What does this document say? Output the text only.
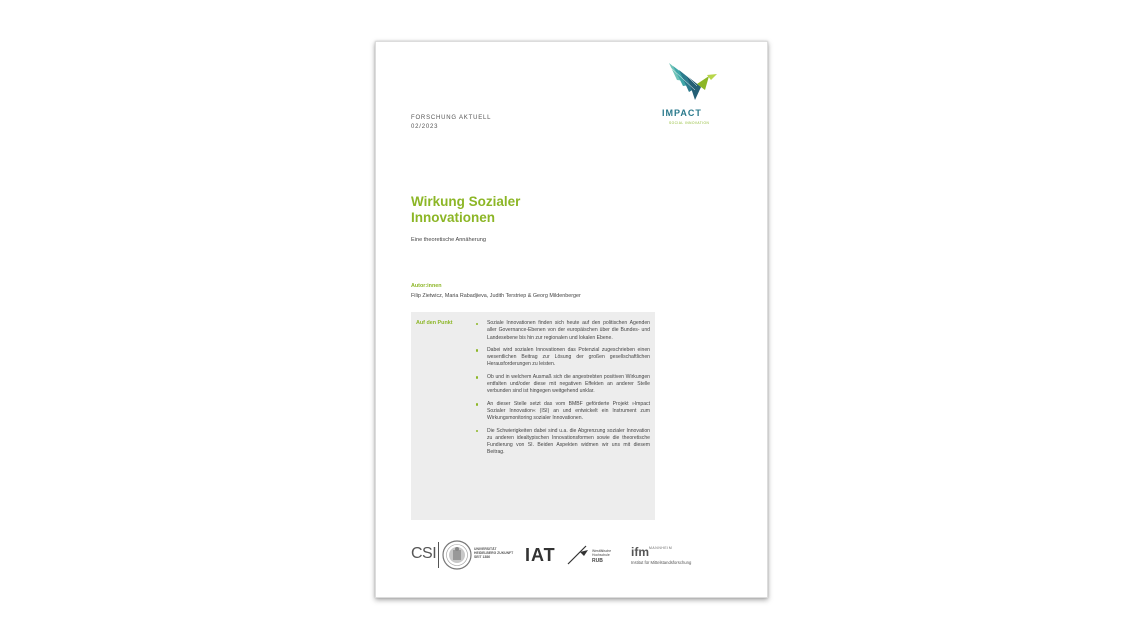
IMPACT
SOCIAL INNOVATION
FORSCHUNG AKTUELL
02/2023
Wirkung Sozialer
Innovationen
Eine theoretische Annäherung
Autor:innen
Filip Zietwicz, Maria Rabadjieva, Judith Terstriep & Georg Mildenberger
Auf den Punkt	Soziale Innovationen finden sich heute auf den politischen Agenden aller Governance-Ebenen von der europäischen über die Bundes- und Landesebene bis hin zur regionalen und lokalen Ebene.
Dabei wird sozialen Innovationen das Potenzial zugeschrieben einen wesentlichen Beitrag zur Lösung der großen gesellschaftlichen Herausforderungen zu leisten.
Ob und in welchem Ausmaß sich die angestrebten positiven Wirkungen entfalten und/oder diese mit negativen Effekten an anderer Stelle verbunden sind ist hingegen weitgehend unklar.
An dieser Stelle setzt das vom BMBF geförderte Projekt »Impact Sozialer Innovation« (ISI) an und entwickelt ein Instrument zum Wirkungsmonitoring sozialer Innovationen.
Die Schwierigkeiten dabei sind u.a. die Abgrenzung sozialer Innovation zu anderen idealtypischen Innovationsformen sowie die theoretische Fundierung von SI. Beiden Aspekten widmen wir uns mit diesem Beitrag.
CSI	UNIVERSITÄT HEIDELBERG ZUKUNFT SEIT 1386	IAT	Westfälische Hochschule
RUB
ifm MANNHEIM
Institut für Mittelstandsforschung
